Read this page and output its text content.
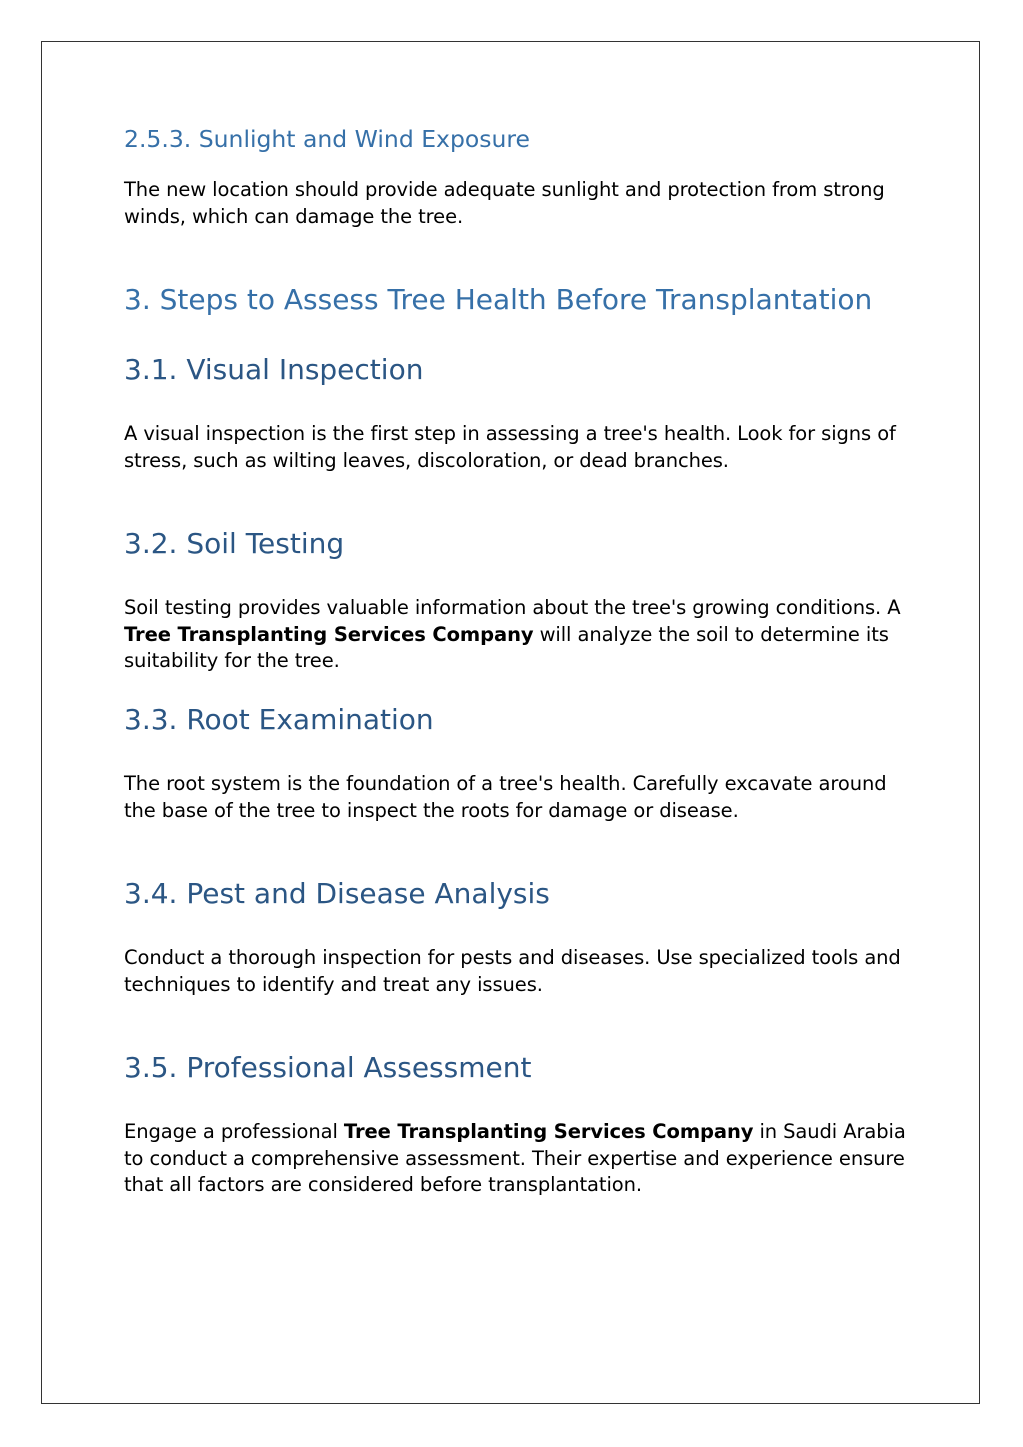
2.5.3. Sunlight and Wind Exposure

The new location should provide adequate sunlight and protection from strong winds, which can damage the tree.

3. Steps to Assess Tree Health Before Transplantation
3.1. Visual Inspection

A visual inspection is the first step in assessing a tree's health. Look for signs of stress, such as wilting leaves, discoloration, or dead branches.

3.2. Soil Testing

Soil testing provides valuable information about the tree's growing conditions. A Tree Transplanting Services Company will analyze the soil to determine its suitability for the tree.

3.3. Root Examination

The root system is the foundation of a tree's health. Carefully excavate around the base of the tree to inspect the roots for damage or disease.

3.4. Pest and Disease Analysis

Conduct a thorough inspection for pests and diseases. Use specialized tools and techniques to identify and treat any issues.

3.5. Professional Assessment

Engage a professional Tree Transplanting Services Company in Saudi Arabia to conduct a comprehensive assessment. Their expertise and experience ensure that all factors are considered before transplantation.
